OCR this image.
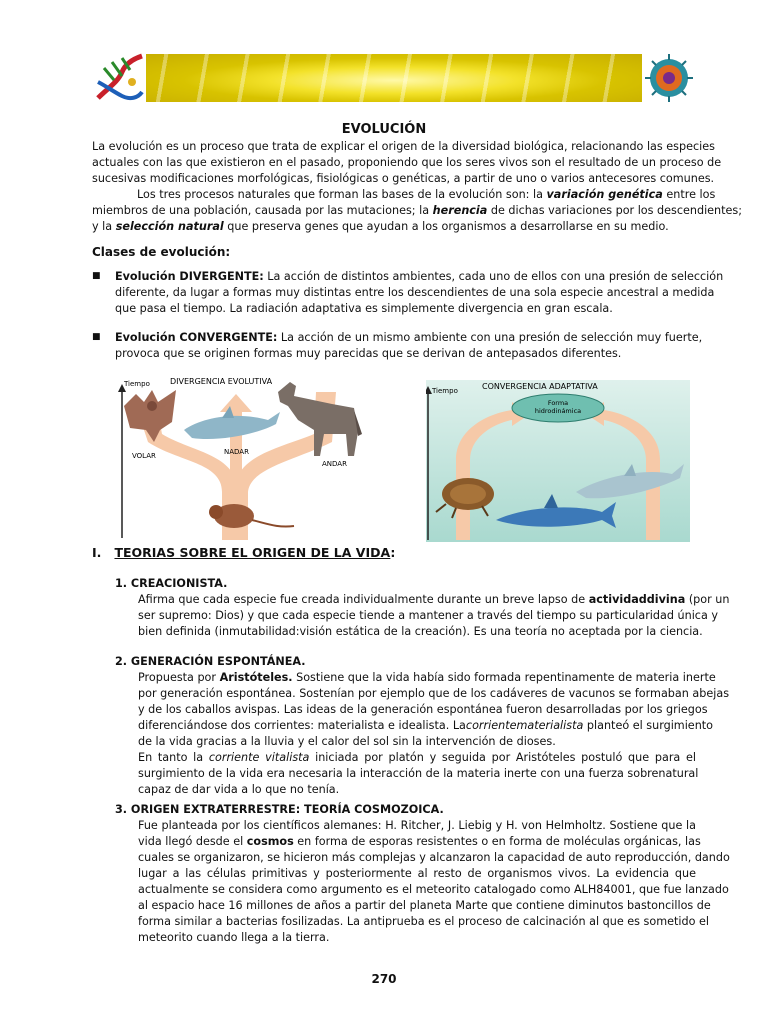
EVOLUCIÓN
La evolución es un proceso que trata de explicar el origen de la diversidad biológica, relacionando las especies
actuales con las que existieron en el pasado, proponiendo que los seres vivos son el resultado de un proceso de
sucesivas modificaciones morfológicas, fisiológicas o genéticas, a partir de uno o varios antecesores comunes.
Los tres procesos naturales que forman las bases de la evolución son: la variación genética entre los
miembros de una población, causada por las mutaciones; la herencia de dichas variaciones por los descendientes;
y la selección natural que preserva genes que ayudan a los organismos a desarrollarse en su medio.
Clases de evolución:
■ Evolución DIVERGENTE: La acción de distintos ambientes, cada uno de ellos con una presión de selección
diferente, da lugar a formas muy distintas entre los descendientes de una sola especie ancestral a medida
que pasa el tiempo. La radiación adaptativa es simplemente divergencia en gran escala.
■ Evolución CONVERGENTE: La acción de un mismo ambiente con una presión de selección muy fuerte,
provoca que se originen formas muy parecidas que se derivan de antepasados diferentes.
Tiempo	DIVERGENCIA EVOLUTIVA
VOLAR	NADAR
ANDAR
Tiempo	CONVERGENCIA ADAPTATIVA
Forma
hidrodinámica
I. TEORIAS SOBRE EL ORIGEN DE LA VIDA:
1. CREACIONISTA.
Afirma que cada especie fue creada individualmente durante un breve lapso de actividaddivina (por un
ser supremo: Dios) y que cada especie tiende a mantener a través del tiempo su particularidad única y
bien definida (inmutabilidad:visión estática de la creación). Es una teoría no aceptada por la ciencia.
2. GENERACIÓN ESPONTÁNEA.
Propuesta por Aristóteles. Sostiene que la vida había sido formada repentinamente de materia inerte
por generación espontánea. Sostenían por ejemplo que de los cadáveres de vacunos se formaban abejas
y de los caballos avispas. Las ideas de la generación espontánea fueron desarrolladas por los griegos
diferenciándose dos corrientes: materialista e idealista. Lacorrientematerialista planteó el surgimiento
de la vida gracias a la lluvia y el calor del sol sin la intervención de dioses.
En tanto la corriente vitalista iniciada por platón y seguida por Aristóteles postuló que para el
surgimiento de la vida era necesaria la interacción de la materia inerte con una fuerza sobrenatural
capaz de dar vida a lo que no tenía.
3. ORIGEN EXTRATERRESTRE: TEORÍA COSMOZOICA.
Fue planteada por los científicos alemanes: H. Ritcher, J. Liebig y H. von Helmholtz. Sostiene que la
vida llegó desde el cosmos en forma de esporas resistentes o en forma de moléculas orgánicas, las
cuales se organizaron, se hicieron más complejas y alcanzaron la capacidad de auto reproducción, dando
lugar a las células primitivas y posteriormente al resto de organismos vivos. La evidencia que
actualmente se considera como argumento es el meteorito catalogado como ALH84001, que fue lanzado
al espacio hace 16 millones de años a partir del planeta Marte que contiene diminutos bastoncillos de
forma similar a bacterias fosilizadas. La antiprueba es el proceso de calcinación al que es sometido el
meteorito cuando llega a la tierra.
270
